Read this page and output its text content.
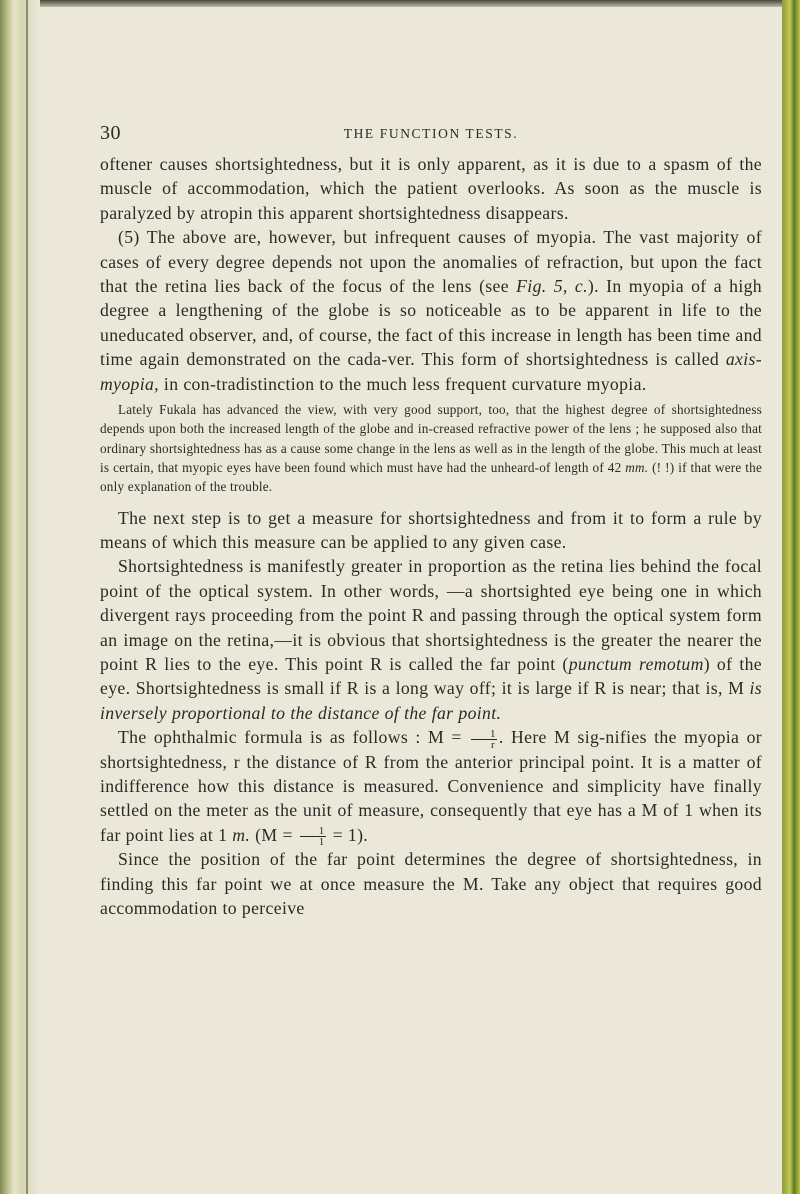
30	THE FUNCTION TESTS.

oftener causes shortsightedness, but it is only apparent, as it is due to a spasm of the muscle of accommodation, which the patient overlooks. As soon as the muscle is paralyzed by atropin this apparent shortsightedness disappears.

(5) The above are, however, but infrequent causes of myopia. The vast majority of cases of every degree depends not upon the anomalies of refraction, but upon the fact that the retina lies back of the focus of the lens (see Fig. 5, c.). In myopia of a high degree a lengthening of the globe is so noticeable as to be apparent in life to the uneducated observer, and, of course, the fact of this increase in length has been time and time again demonstrated on the cada-ver. This form of shortsightedness is called axis-myopia, in con-tradistinction to the much less frequent curvature myopia.

Lately Fukala has advanced the view, with very good support, too, that the highest degree of shortsightedness depends upon both the increased length of the globe and in-creased refractive power of the lens ; he supposed also that ordinary shortsightedness has as a cause some change in the lens as well as in the length of the globe. This much at least is certain, that myopic eyes have been found which must have had the unheard-of length of 42 mm. (! !) if that were the only explanation of the trouble.

The next step is to get a measure for shortsightedness and from it to form a rule by means of which this measure can be applied to any given case.

Shortsightedness is manifestly greater in proportion as the retina lies behind the focal point of the optical system. In other words, —a shortsighted eye being one in which divergent rays proceeding from the point R and passing through the optical system form an image on the retina,—it is obvious that shortsightedness is the greater the nearer the point R lies to the eye. This point R is called the far point (punctum remotum) of the eye. Shortsightedness is small if R is a long way off; it is large if R is near; that is, M is inversely proportional to the distance of the far point.

The ophthalmic formula is as follows : $M = \frac{1}{r}$ . Here M sig-nifies the myopia or shortsightedness, r the distance of R from the anterior principal point. It is a matter of indifference how this distance is measured. Convenience and simplicity have finally settled on the meter as the unit of measure, consequently that eye has a M of 1 when its far point lies at 1 m. $(M = \frac{1}{1} = 1)$.

Since the position of the far point determines the degree of shortsightedness, in finding this far point we at once measure the M. Take any object that requires good accommodation to perceive
